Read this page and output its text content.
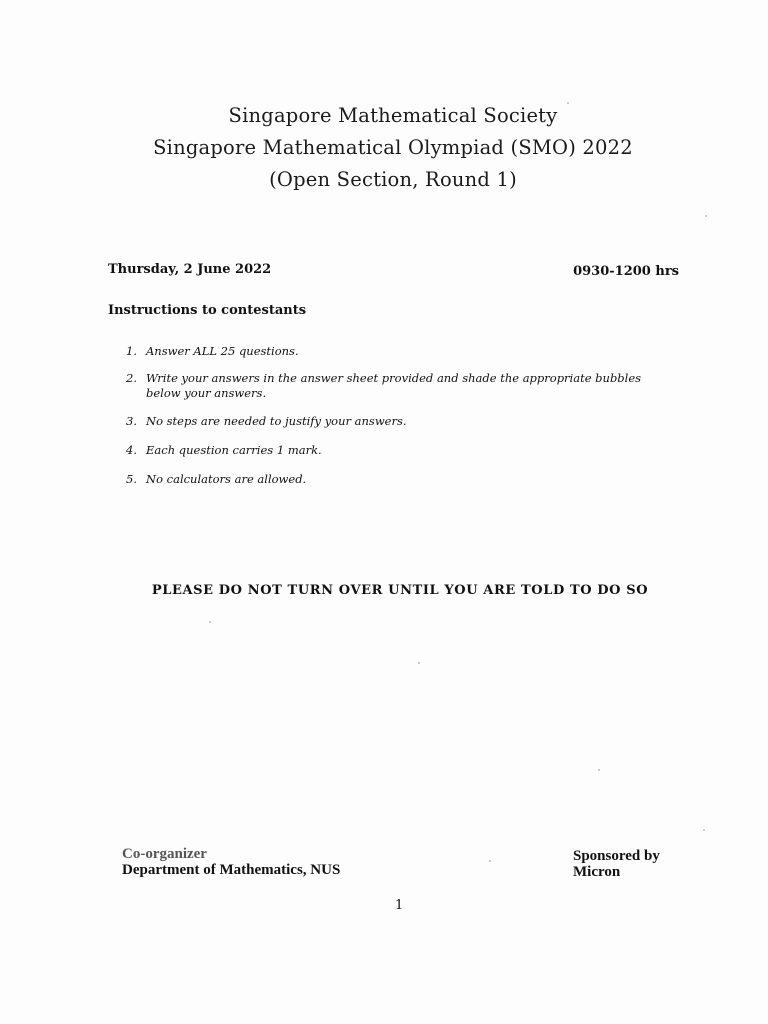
Singapore Mathematical Society
Singapore Mathematical Olympiad (SMO) 2022
(Open Section, Round 1)
Thursday, 2 June 2022	0930-1200 hrs
Instructions to contestants
1. Answer ALL 25 questions.
2. Write your answers in the answer sheet provided and shade the appropriate bubbles below your answers.
3. No steps are needed to justify your answers.
4. Each question carries 1 mark.
5. No calculators are allowed.
PLEASE DO NOT TURN OVER UNTIL YOU ARE TOLD TO DO SO
Co-organizer
Department of Mathematics, NUS
Sponsored by
Micron
1
